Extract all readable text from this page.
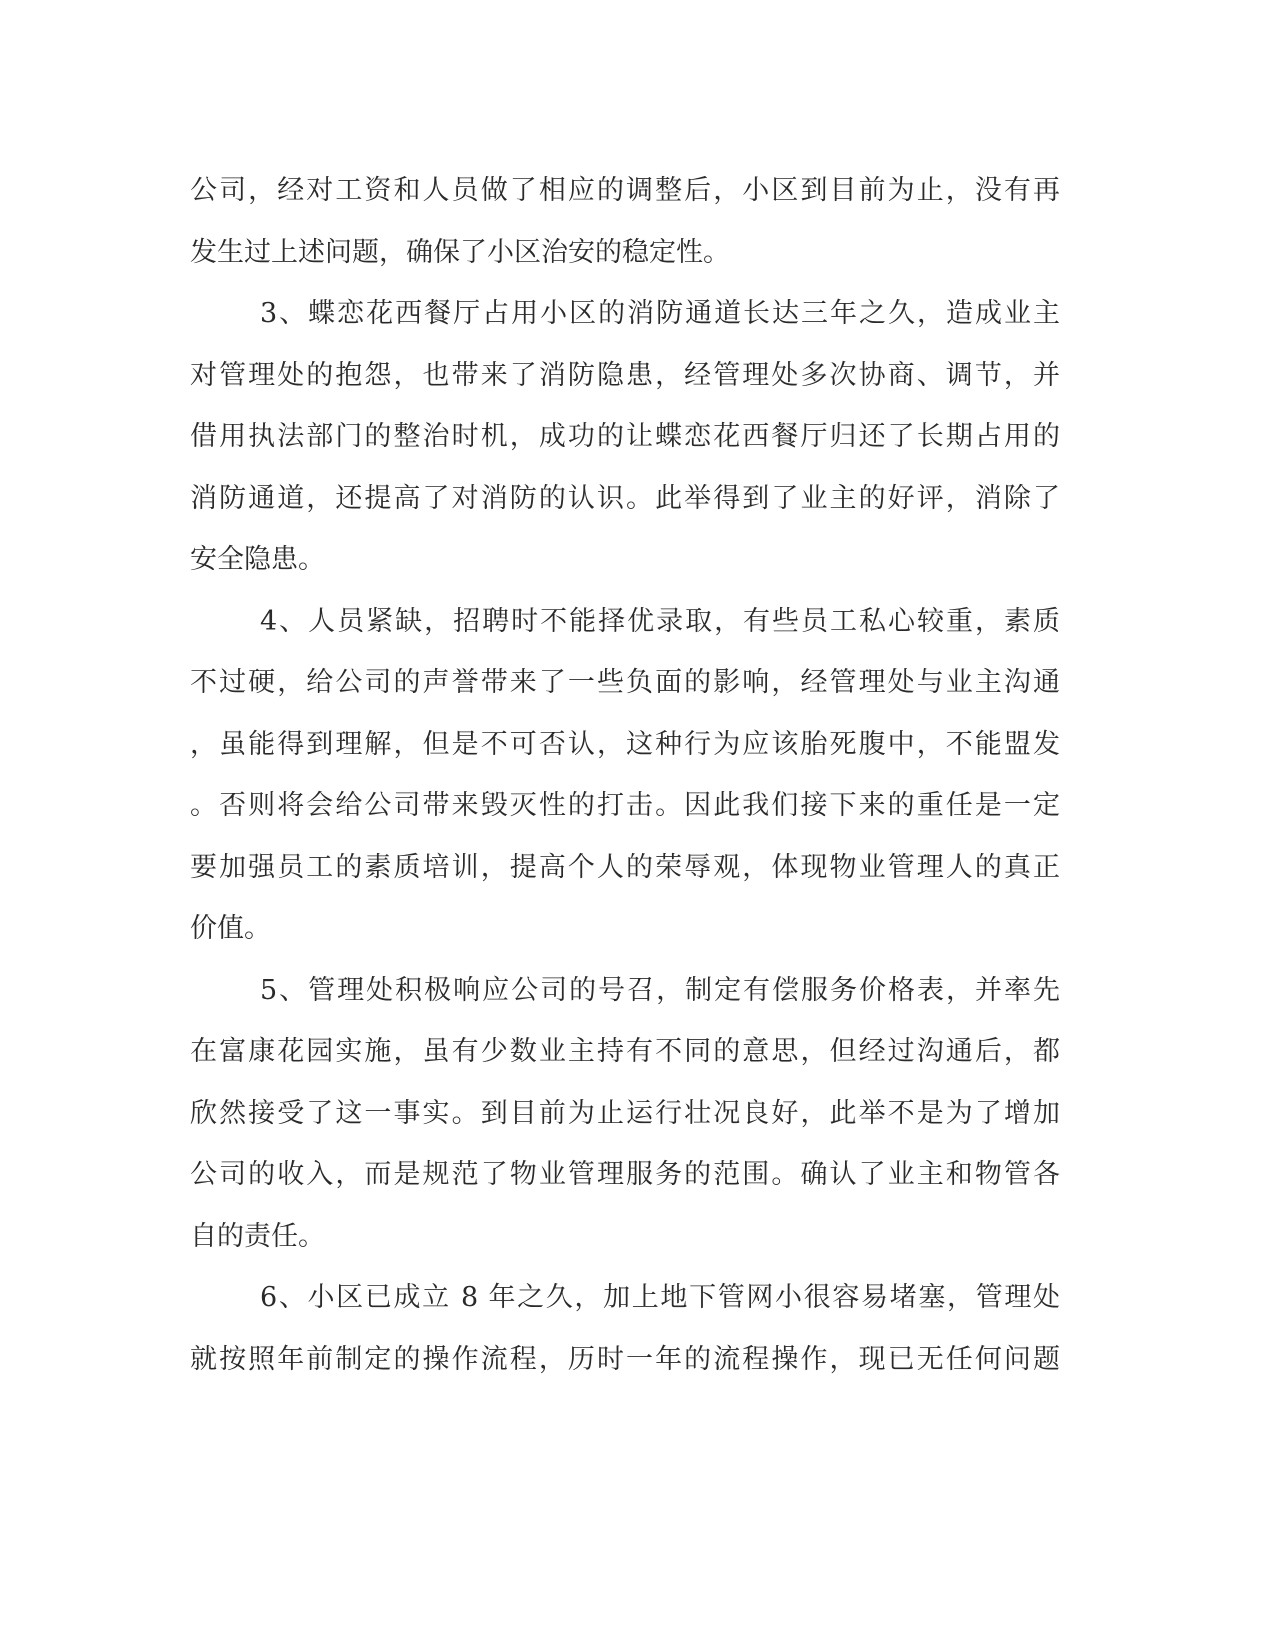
公司，经对工资和人员做了相应的调整后，小区到目前为止，没有再
发生过上述问题，确保了小区治安的稳定性。
3、蝶恋花西餐厅占用小区的消防通道长达三年之久，造成业主
对管理处的抱怨，也带来了消防隐患，经管理处多次协商、调节，并
借用执法部门的整治时机，成功的让蝶恋花西餐厅归还了长期占用的
消防通道，还提高了对消防的认识。此举得到了业主的好评，消除了
安全隐患。
4、人员紧缺，招聘时不能择优录取，有些员工私心较重，素质
不过硬，给公司的声誉带来了一些负面的影响，经管理处与业主沟通
，虽能得到理解，但是不可否认，这种行为应该胎死腹中，不能盟发
。否则将会给公司带来毁灭性的打击。因此我们接下来的重任是一定
要加强员工的素质培训，提高个人的荣辱观，体现物业管理人的真正
价值。
5、管理处积极响应公司的号召，制定有偿服务价格表，并率先
在富康花园实施，虽有少数业主持有不同的意思，但经过沟通后，都
欣然接受了这一事实。到目前为止运行壮况良好，此举不是为了增加
公司的收入，而是规范了物业管理服务的范围。确认了业主和物管各
自的责任。
6、小区已成立 8 年之久，加上地下管网小很容易堵塞，管理处
就按照年前制定的操作流程，历时一年的流程操作，现已无任何问题
